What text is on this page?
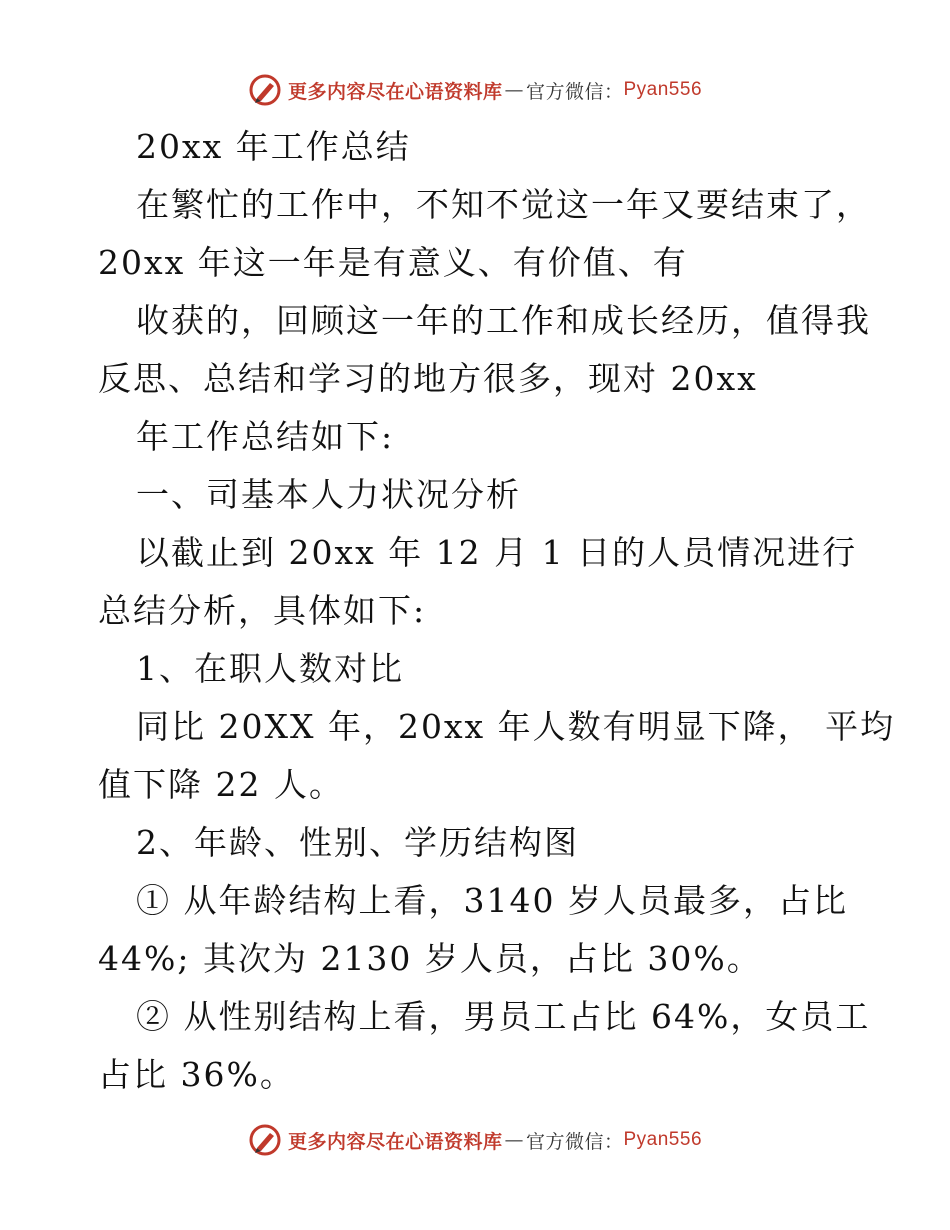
更多内容尽在心语资料库 — 官方微信： Pyan556
20xx 年工作总结
在繁忙的工作中，不知不觉这一年又要结束了，
20xx 年这一年是有意义、有价值、有
收获的，回顾这一年的工作和成长经历，值得我
反思、总结和学习的地方很多，现对 20xx
年工作总结如下:
一、司基本人力状况分析
以截止到 20xx 年 12 月 1 日的人员情况进行
总结分析，具体如下:
1、在职人数对比
同比 20XX 年，20xx 年人数有明显下降， 平均
值下降 22 人。
2、年龄、性别、学历结构图
① 从年龄结构上看，3140 岁人员最多，占比
44%; 其次为 2130 岁人员，占比 30%。
② 从性别结构上看，男员工占比 64%，女员工
占比 36%。
更多内容尽在心语资料库 — 官方微信： Pyan556
